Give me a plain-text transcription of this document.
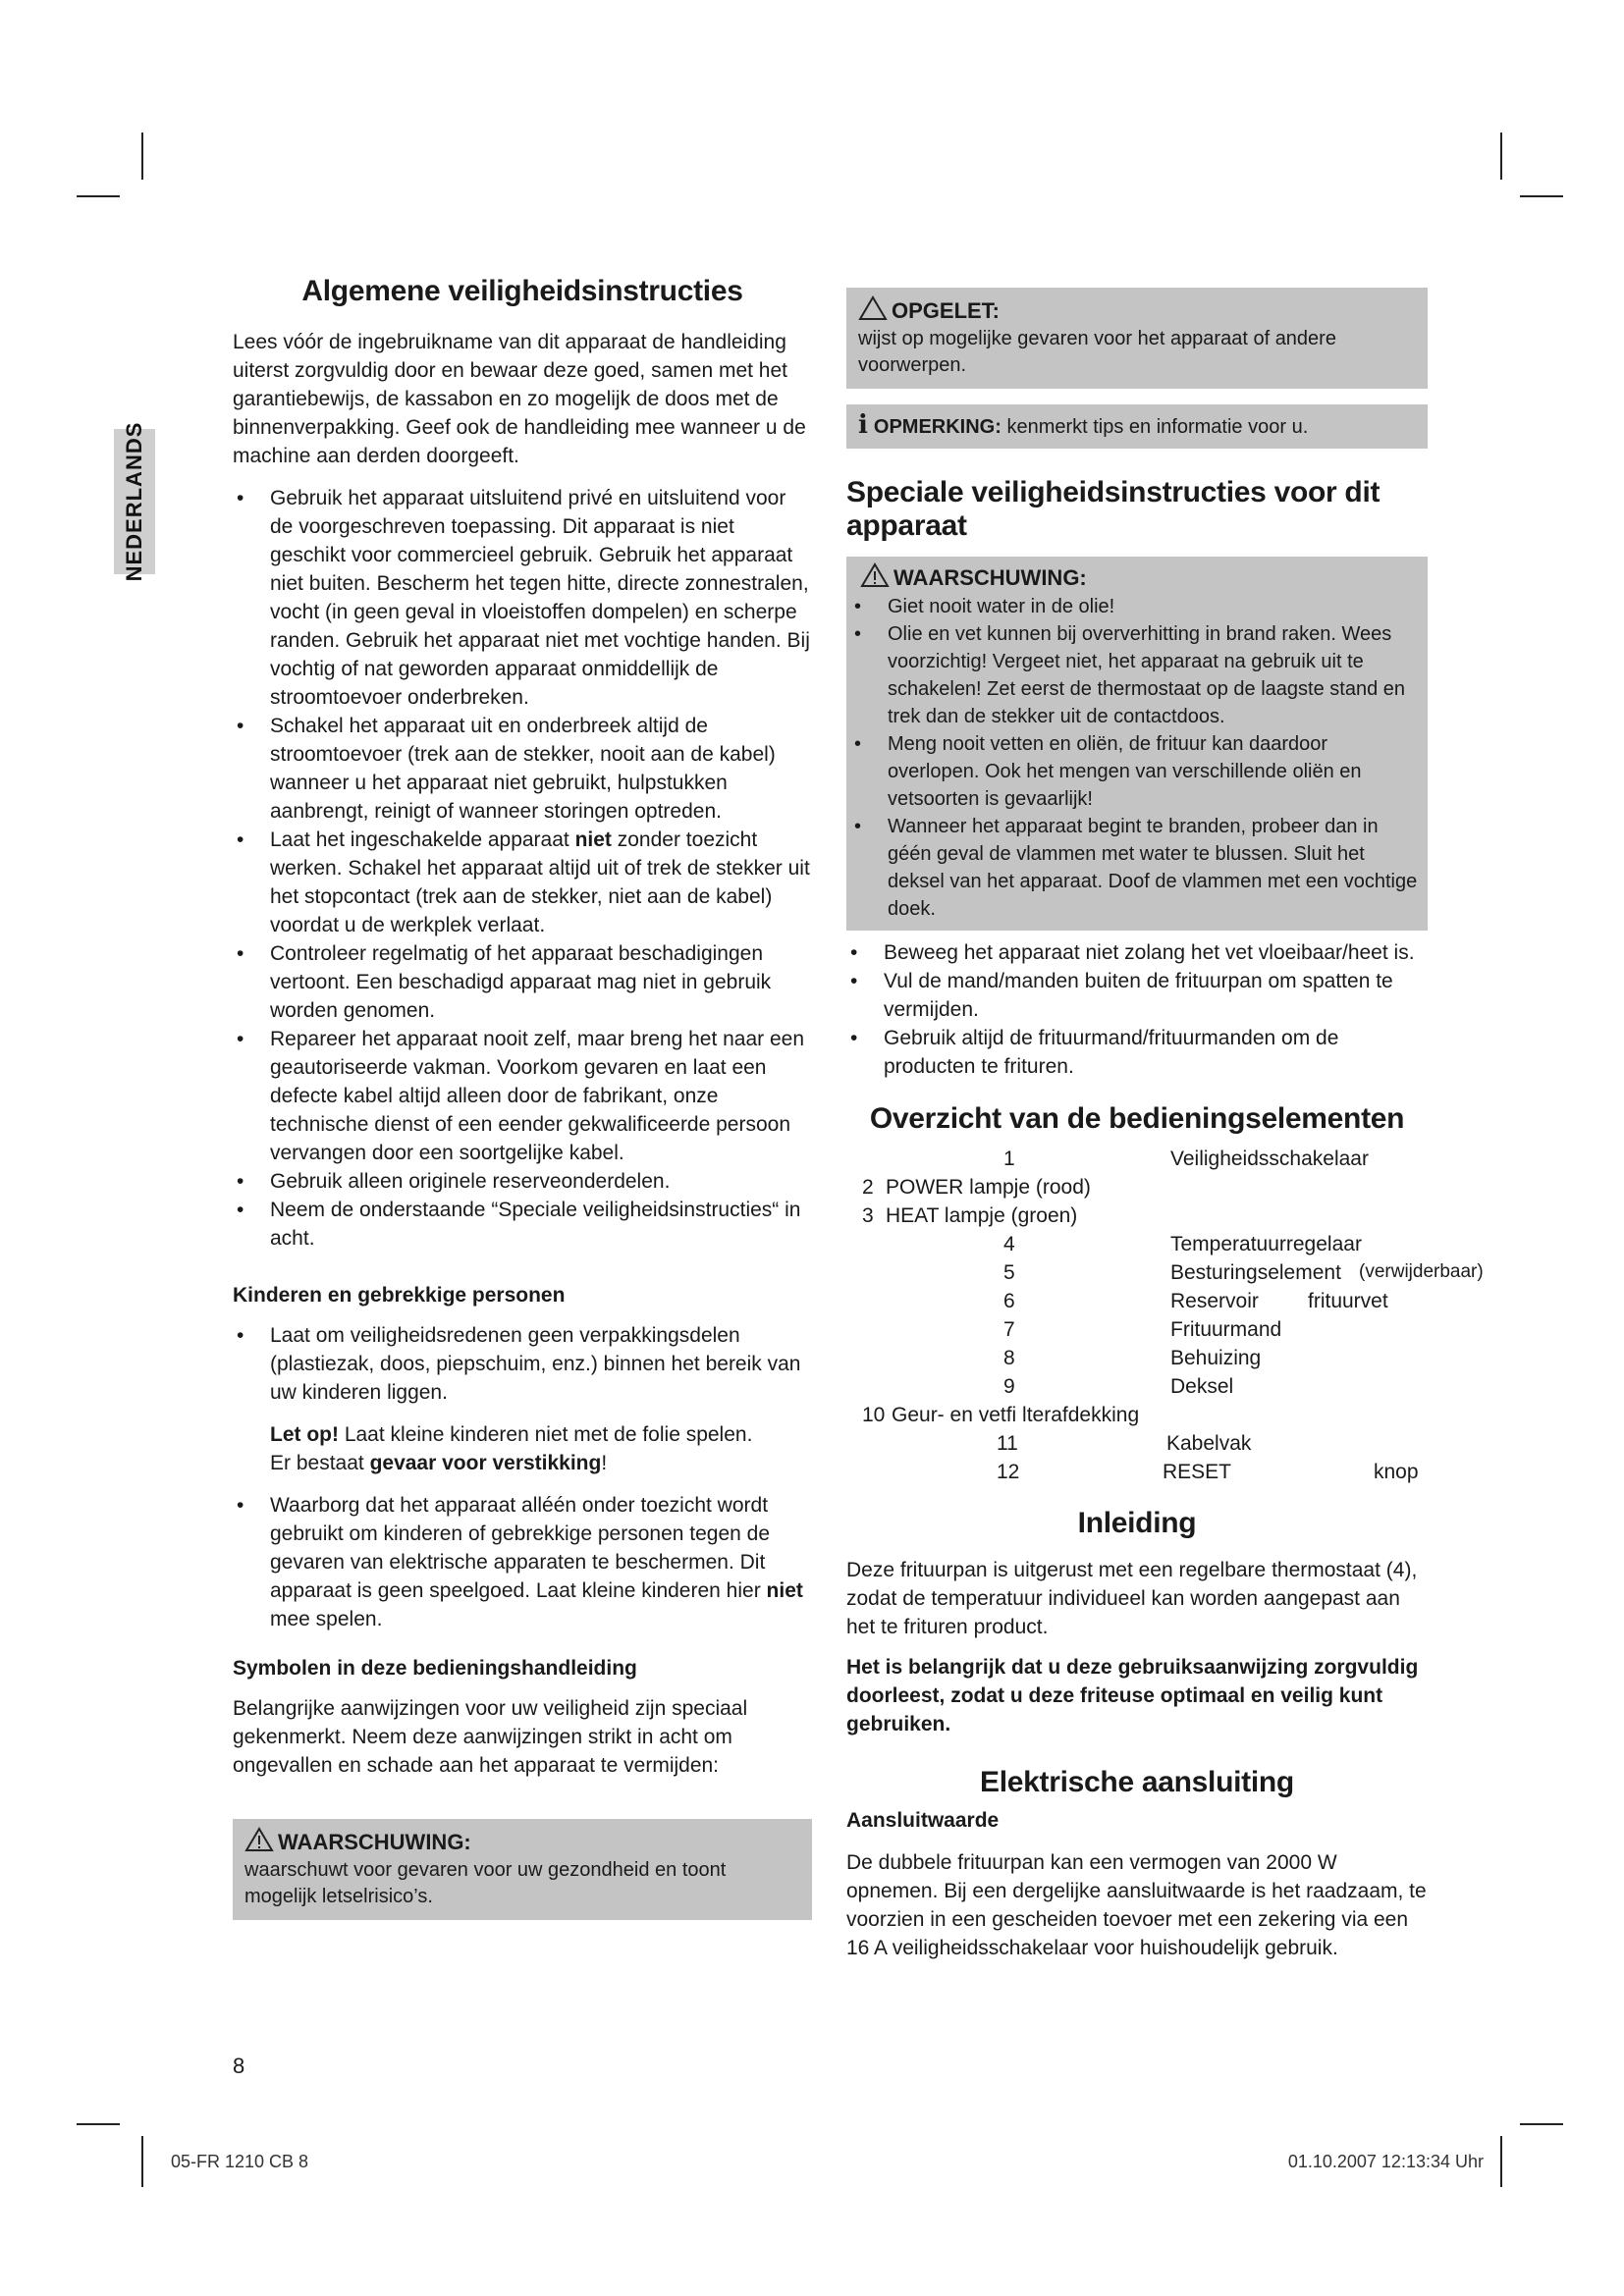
NEDERLANDS
Algemene veiligheidsinstructies

Lees vóór de ingebruikname van dit apparaat de handleiding uiterst zorgvuldig door en bewaar deze goed, samen met het garantiebewijs, de kassabon en zo mogelijk de doos met de binnenverpakking. Geef ook de handleiding mee wanneer u de machine aan derden doorgeeft.

• Gebruik het apparaat uitsluitend privé en uitsluitend voor de voorgeschreven toepassing. Dit apparaat is niet geschikt voor commercieel gebruik. Gebruik het apparaat niet buiten. Bescherm het tegen hitte, directe zonnestralen, vocht (in geen geval in vloeistoffen dompelen) en scherpe randen. Gebruik het apparaat niet met vochtige handen. Bij vochtig of nat geworden apparaat onmiddellijk de stroomtoevoer onderbreken.
• Schakel het apparaat uit en onderbreek altijd de stroomtoevoer (trek aan de stekker, nooit aan de kabel) wanneer u het apparaat niet gebruikt, hulpstukken aanbrengt, reinigt of wanneer storingen optreden.
• Laat het ingeschakelde apparaat niet zonder toezicht werken. Schakel het apparaat altijd uit of trek de stekker uit het stopcontact (trek aan de stekker, niet aan de kabel) voordat u de werkplek verlaat.
• Controleer regelmatig of het apparaat beschadigingen vertoont. Een beschadigd apparaat mag niet in gebruik worden genomen.
• Repareer het apparaat nooit zelf, maar breng het naar een geautoriseerde vakman. Voorkom gevaren en laat een defecte kabel altijd alleen door de fabrikant, onze technische dienst of een eender gekwalificeerde persoon vervangen door een soortgelijke kabel.
• Gebruik alleen originele reserveonderdelen.
• Neem de onderstaande “Speciale veiligheidsinstructies“ in acht.
Kinderen en gebrekkige personen
• Laat om veiligheidsredenen geen verpakkingsdelen (plastiezak, doos, piepschuim, enz.) binnen het bereik van uw kinderen liggen.

Let op! Laat kleine kinderen niet met de folie spelen.
Er bestaat gevaar voor verstikking!

• Waarborg dat het apparaat alléén onder toezicht wordt gebruikt om kinderen of gebrekkige personen tegen de gevaren van elektrische apparaten te beschermen. Dit apparaat is geen speelgoed. Laat kleine kinderen hier niet mee spelen.
Symbolen in deze bedieningshandleiding

Belangrijke aanwijzingen voor uw veiligheid zijn speciaal gekenmerkt. Neem deze aanwijzingen strikt in acht om ongevallen en schade aan het apparaat te vermijden:

WAARSCHUWING:

waarschuwt voor gevaren voor uw gezondheid en toont mogelijk letselrisico’s.

OPGELET:

wijst op mogelijke gevaren voor het apparaat of andere voorwerpen.

i OPMERKING: kenmerkt tips en informatie voor u.

Speciale veiligheidsinstructies voor dit apparaat
WAARSCHUWING:
• Giet nooit water in de olie!
• Olie en vet kunnen bij oververhitting in brand raken. Wees voorzichtig! Vergeet niet, het apparaat na gebruik uit te schakelen! Zet eerst de thermostaat op de laagste stand en trek dan de stekker uit de contactdoos.
• Meng nooit vetten en oliën, de frituur kan daardoor overlopen. Ook het mengen van verschillende oliën en vetsoorten is gevaarlijk!
• Wanneer het apparaat begint te branden, probeer dan in géén geval de vlammen met water te blussen. Sluit het deksel van het apparaat. Doof de vlammen met een vochtige doek.
• Beweeg het apparaat niet zolang het vet vloeibaar/heet is.
• Vul de mand/manden buiten de frituurpan om spatten te vermijden.
• Gebruik altijd de frituurmand/frituurmanden om de producten te frituren.
Overzicht van de bedieningselementen
1	Veiligheidsschakelaar
2 POWER lampje (rood)
3 HEAT lampje (groen)
4	Temperatuurregelaar
5	Besturingselement (verwijderbaar)
6	Reservoir frituurvet
7	Frituurmand
8	Behuizing
9	Deksel
10 Geur- en vetfi lterafdekking
11	Kabelvak
12	RESET	knop
Inleiding

Deze frituurpan is uitgerust met een regelbare thermostaat (4), zodat de temperatuur individueel kan worden aangepast aan het te frituren product.

Het is belangrijk dat u deze gebruiksaanwijzing zorgvuldig doorleest, zodat u deze friteuse optimaal en veilig kunt gebruiken.

Elektrische aansluiting
Aansluitwaarde

De dubbele frituurpan kan een vermogen van 2000 W opnemen. Bij een dergelijke aansluitwaarde is het raadzaam, te voorzien in een gescheiden toevoer met een zekering via een 16 A veiligheidsschakelaar voor huishoudelijk gebruik.

8
05-FR 1210 CB 8	01.10.2007 12:13:34 Uhr
